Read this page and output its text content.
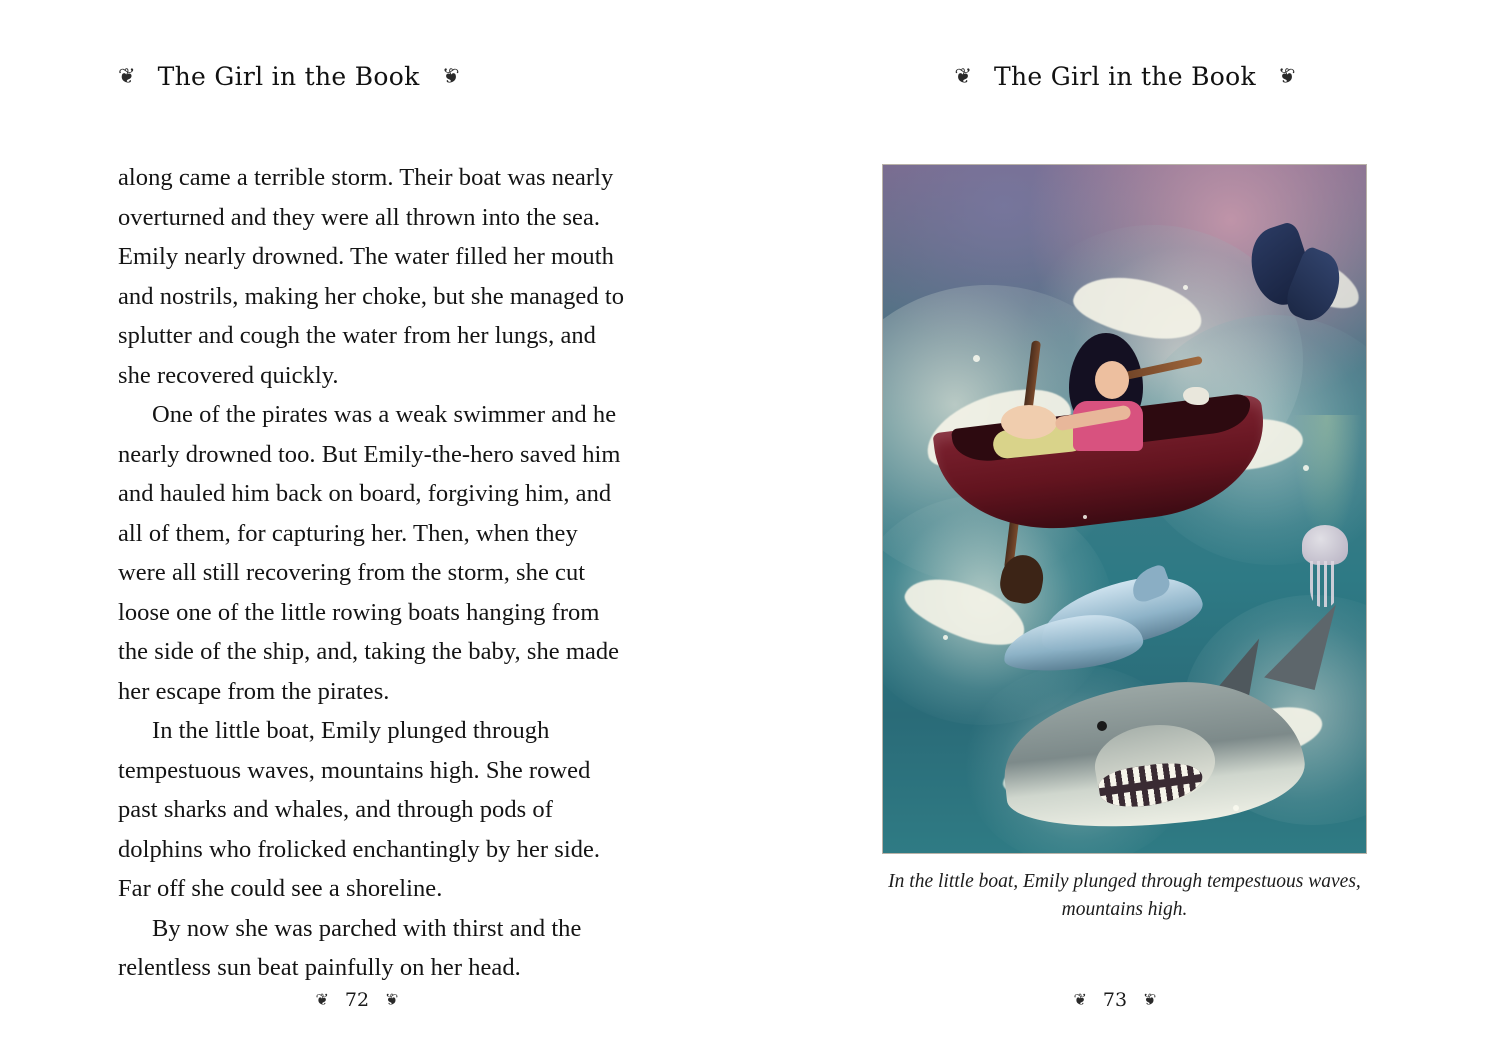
❦ The Girl in the Book ❦

along came a terrible storm. Their boat was nearly overturned and they were all thrown into the sea. Emily nearly drowned. The water filled her mouth and nostrils, making her choke, but she managed to splutter and cough the water from her lungs, and she recovered quickly.

One of the pirates was a weak swimmer and he nearly drowned too. But Emily-the-hero saved him and hauled him back on board, forgiving him, and all of them, for capturing her. Then, when they were all still recovering from the storm, she cut loose one of the little rowing boats hanging from the side of the ship, and, taking the baby, she made her escape from the pirates.

In the little boat, Emily plunged through tempestuous waves, mountains high. She rowed past sharks and whales, and through pods of dolphins who frolicked enchantingly by her side. Far off she could see a shoreline.

By now she was parched with thirst and the relentless sun beat painfully on her head.

❦ 72 ❦
❦ The Girl in the Book ❦
In the little boat, Emily plunged through tempestuous waves, mountains high.
❦ 73 ❦
